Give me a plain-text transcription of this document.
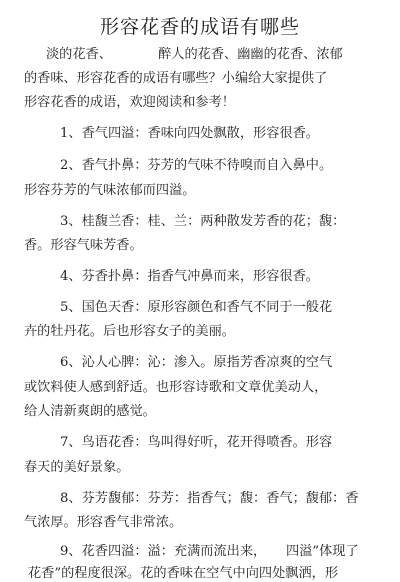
形容花香的成语有哪些
淡的花香、　　　　醉人的花香、幽幽的花香、浓郁
的香味、形容花香的成语有哪些？小编给大家提供了
形容花香的成语，欢迎阅读和参考！
1、香气四溢：香味向四处飘散，形容很香。
2、香气扑鼻：芬芳的气味不待嗅而自入鼻中。
形容芬芳的气味浓郁而四溢。
3、桂馥兰香：桂、兰：两种散发芳香的花；馥：
香。形容气味芳香。
4、芬香扑鼻：指香气冲鼻而来，形容很香。
5、国色天香：原形容颜色和香气不同于一般花
卉的牡丹花。后也形容女子的美丽。
6、沁人心脾：沁：渗入。原指芳香凉爽的空气
或饮料使人感到舒适。也形容诗歌和文章优美动人，
给人清新爽朗的感觉。
7、鸟语花香：鸟叫得好听，花开得喷香。形容
春天的美好景象。
8、芬芳馥郁：芬芳：指香气；馥：香气；馥郁：香
气浓厚。形容香气非常浓。
9、花香四溢：溢：充满而流出来，　　四溢”体现了
花香”的程度很深。花的香味在空气中向四处飘洒，形
